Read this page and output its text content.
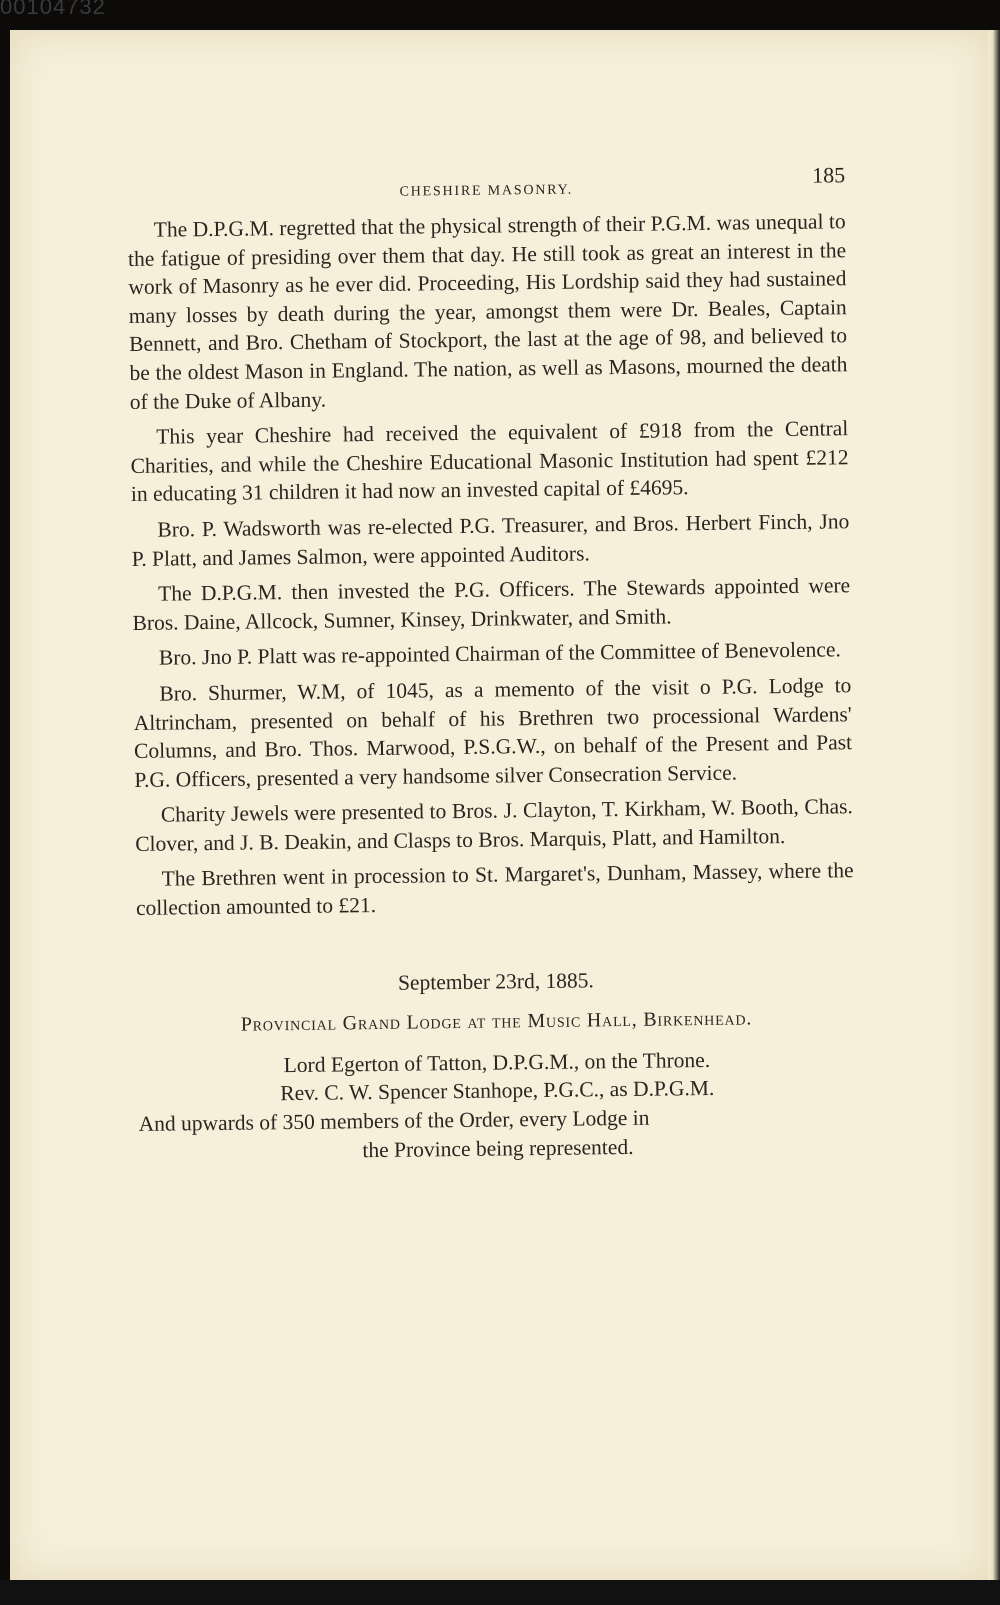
00104732
CHESHIRE MASONRY.
185

The D.P.G.M. regretted that the physical strength of their P.G.M. was unequal to the fatigue of presiding over them that day. He still took as great an interest in the work of Masonry as he ever did. Proceeding, His Lordship said they had sustained many losses by death during the year, amongst them were Dr. Beales, Captain Bennett, and Bro. Chetham of Stockport, the last at the age of 98, and believed to be the oldest Mason in England. The nation, as well as Masons, mourned the death of the Duke of Albany.

This year Cheshire had received the equivalent of £918 from the Central Charities, and while the Cheshire Educational Masonic Institution had spent £212 in educating 31 children it had now an invested capital of £4695.

Bro. P. Wadsworth was re-elected P.G. Treasurer, and Bros. Herbert Finch, Jno P. Platt, and James Salmon, were appointed Auditors.

The D.P.G.M. then invested the P.G. Officers. The Stewards appointed were Bros. Daine, Allcock, Sumner, Kinsey, Drinkwater, and Smith.

Bro. Jno P. Platt was re-appointed Chairman of the Committee of Benevolence.

Bro. Shurmer, W.M, of 1045, as a memento of the visit o P.G. Lodge to Altrincham, presented on behalf of his Brethren two processional Wardens' Columns, and Bro. Thos. Marwood, P.S.G.W., on behalf of the Present and Past P.G. Officers, presented a very handsome silver Consecration Service.

Charity Jewels were presented to Bros. J. Clayton, T. Kirkham, W. Booth, Chas. Clover, and J. B. Deakin, and Clasps to Bros. Marquis, Platt, and Hamilton.

The Brethren went in procession to St. Margaret's, Dunham, Massey, where the collection amounted to £21.

September 23rd, 1885.

Provincial Grand Lodge at the Music Hall, Birkenhead.

Lord Egerton of Tatton, D.P.G.M., on the Throne.

Rev. C. W. Spencer Stanhope, P.G.C., as D.P.G.M.

And upwards of 350 members of the Order, every Lodge in

the Province being represented.
